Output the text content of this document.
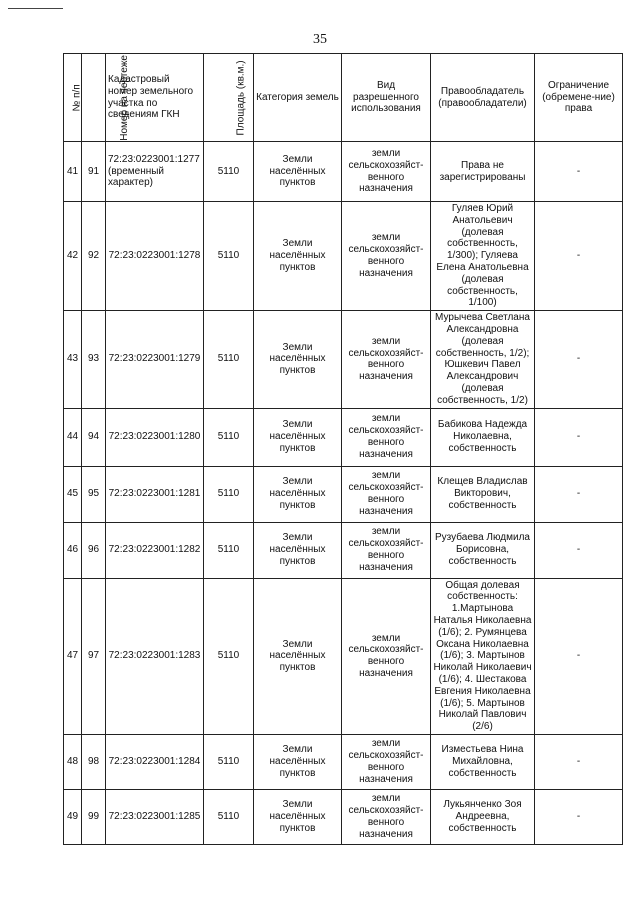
35
№ п/п	Номер на чертеже	Кадастровый номер земельного участка по сведениям ГКН	Площадь (кв.м.)	Категория земель	Вид разрешенного использования	Правообладатель (правообладатели)	Ограничение (обремене-ние) права
41	91	72:23:0223001:1277 (временный характер)	5110	Земли населённых пунктов	земли сельскохозяйст-венного назначения	Права не зарегистрированы	-
42	92	72:23:0223001:1278	5110	Земли населённых пунктов	земли сельскохозяйст-венного назначения	Гуляев Юрий Анатольевич (долевая собственность, 1/300); Гуляева Елена Анатольевна (долевая собственность, 1/100)	-
43	93	72:23:0223001:1279	5110	Земли населённых пунктов	земли сельскохозяйст-венного назначения	Мурычева Светлана Александровна (долевая собственность, 1/2); Юшкевич Павел Александрович (долевая собственность, 1/2)	-
44	94	72:23:0223001:1280	5110	Земли населённых пунктов	земли сельскохозяйст-венного назначения	Бабикова Надежда Николаевна, собственность	-
45	95	72:23:0223001:1281	5110	Земли населённых пунктов	земли сельскохозяйст-венного назначения	Клещев Владислав Викторович, собственность	-
46	96	72:23:0223001:1282	5110	Земли населённых пунктов	земли сельскохозяйст-венного назначения	Рузубаева Людмила Борисовна, собственность	-
47	97	72:23:0223001:1283	5110	Земли населённых пунктов	земли сельскохозяйст-венного назначения	Общая долевая собственность: 1.Мартынова Наталья Николаевна (1/6); 2. Румянцева Оксана Николаевна (1/6); 3. Мартынов Николай Николаевич (1/6); 4. Шестакова Евгения Николаевна (1/6); 5. Мартынов Николай Павлович (2/6)	-
48	98	72:23:0223001:1284	5110	Земли населённых пунктов	земли сельскохозяйст-венного назначения	Изместьева Нина Михайловна, собственность	-
49	99	72:23:0223001:1285	5110	Земли населённых пунктов	земли сельскохозяйст-венного назначения	Лукьянченко Зоя Андреевна, собственность	-
